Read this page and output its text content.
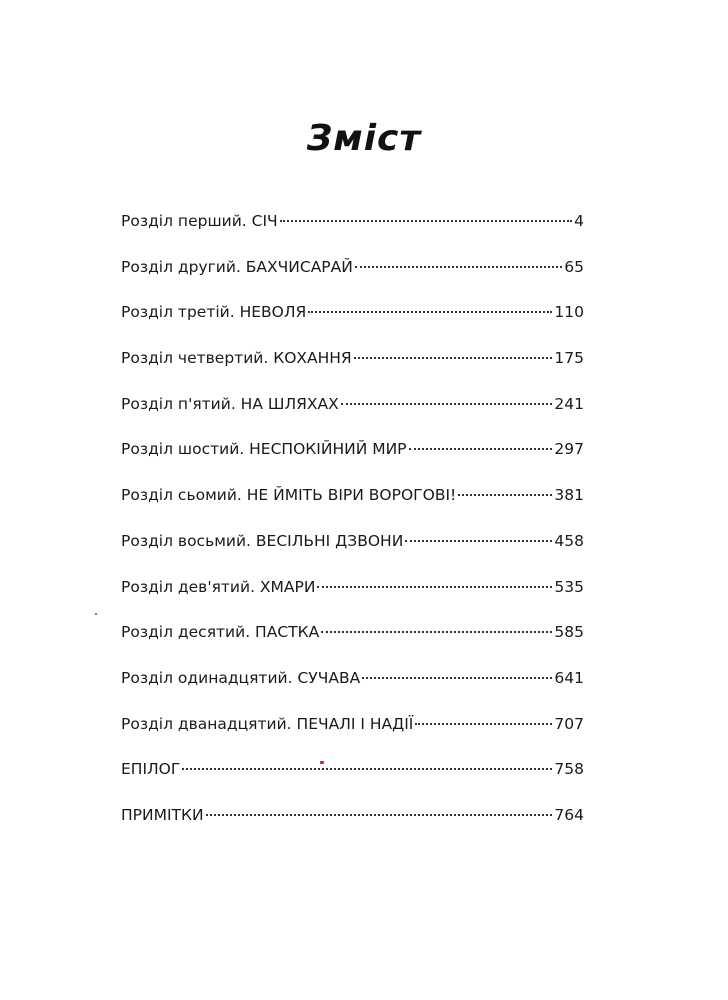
Зміст
Розділ перший. СІЧ	4
Розділ другий. БАХЧИСАРАЙ	65
Розділ третій. НЕВОЛЯ	110
Розділ четвертий. КОХАННЯ	175
Розділ п'ятий. НА ШЛЯХАХ	241
Розділ шостий. НЕСПОКІЙНИЙ МИР	297
Розділ сьомий. НЕ ЙМІТЬ ВІРИ ВОРОГОВІ!	381
Розділ восьмий. ВЕСІЛЬНІ ДЗВОНИ	458
Розділ дев'ятий. ХМАРИ	535
Розділ десятий. ПАСТКА	585
Розділ одинадцятий. СУЧАВА	641
Розділ дванадцятий. ПЕЧАЛІ І НАДІЇ	707
ЕПІЛОГ	758
ПРИМІТКИ	764
